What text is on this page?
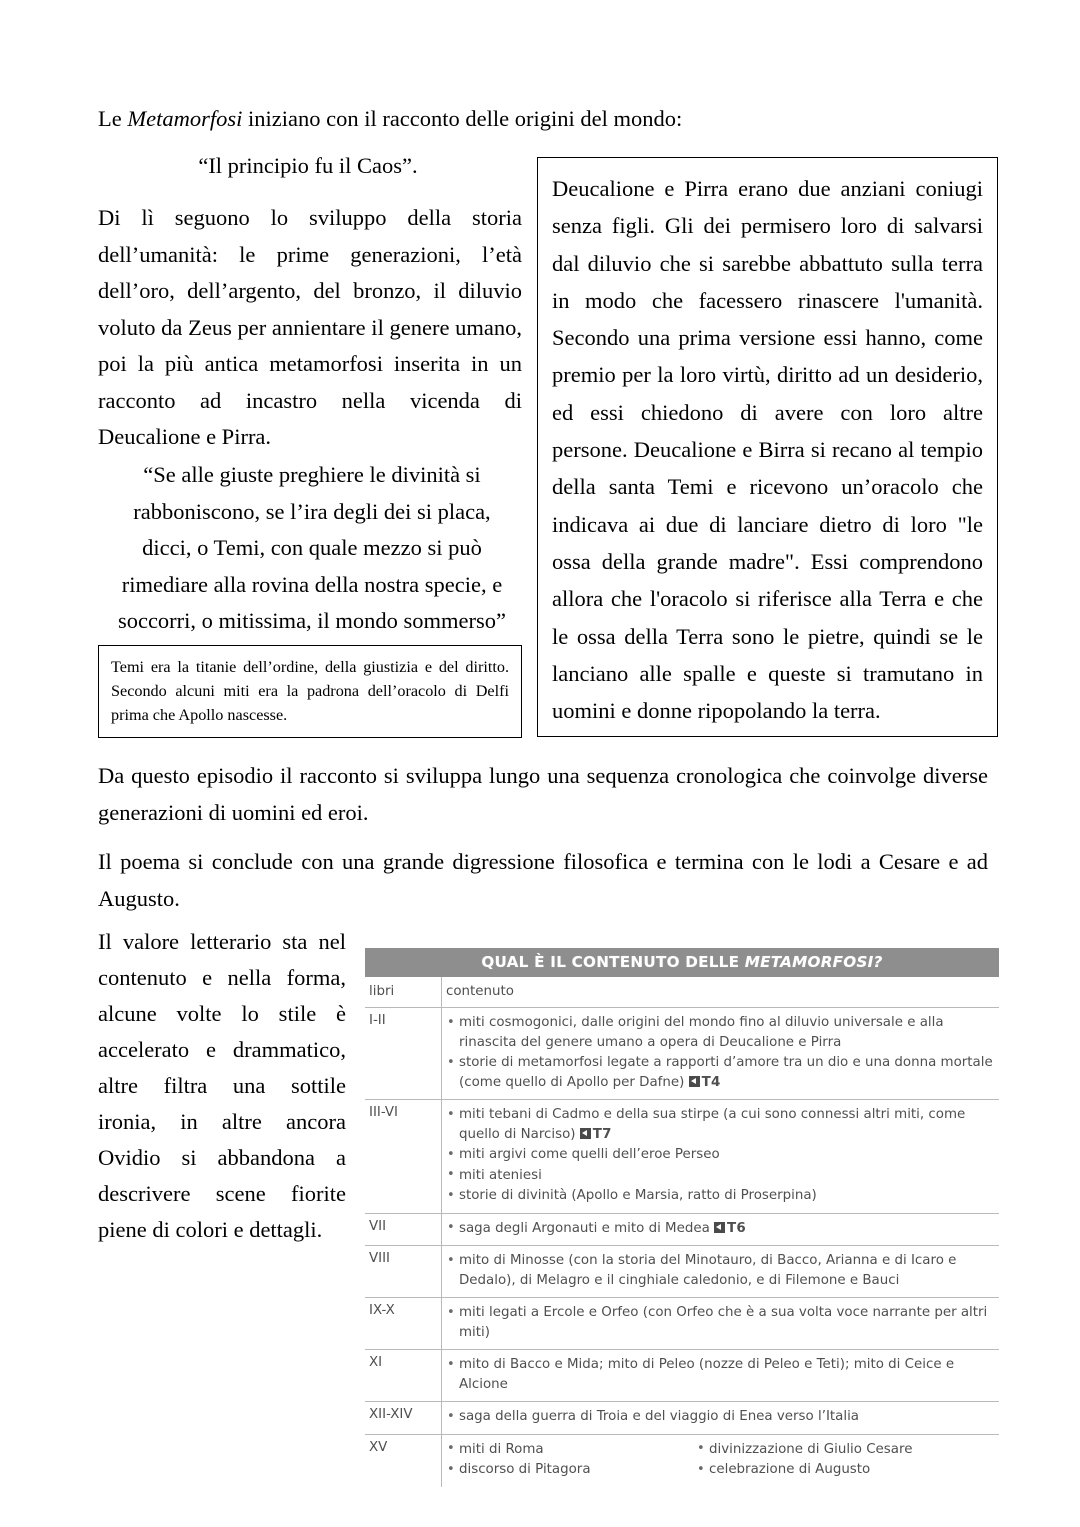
Le Metamorfosi iniziano con il racconto delle origini del mondo:
“Il principio fu il Caos”.
Di lì seguono lo sviluppo della storia dell’umanità: le prime generazioni, l’età dell’oro, dell’argento, del bronzo, il diluvio voluto da Zeus per annientare il genere umano, poi la più antica metamorfosi inserita in un racconto ad incastro nella vicenda di Deucalione e Pirra.
“Se alle giuste preghiere le divinità si
rabboniscono, se l’ira degli dei si placa,
dicci, o Temi, con quale mezzo si può
rimediare alla rovina della nostra specie, e
soccorri, o mitissima, il mondo sommerso”
Temi era la titanie dell’ordine, della giustizia e del diritto. Secondo alcuni miti era la padrona dell’oracolo di Delfi prima che Apollo nascesse.
Deucalione e Pirra erano due anziani coniugi senza figli. Gli dei permisero loro di salvarsi dal diluvio che si sarebbe abbattuto sulla terra in modo che facessero rinascere l'umanità. Secondo una prima versione essi hanno, come premio per la loro virtù, diritto ad un desiderio, ed essi chiedono di avere con loro altre persone. Deucalione e Birra si recano al tempio della santa Temi e ricevono un’oracolo che indicava ai due di lanciare dietro di loro "le ossa della grande madre". Essi comprendono allora che l'oracolo si riferisce alla Terra e che le ossa della Terra sono le pietre, quindi se le lanciano alle spalle e queste si tramutano in uomini e donne ripopolando la terra.
Da questo episodio il racconto si sviluppa lungo una sequenza cronologica che coinvolge diverse generazioni di uomini ed eroi.
Il poema si conclude con una grande digressione filosofica e termina con le lodi a Cesare e ad Augusto.
Il valore letterario sta nel contenuto e nella forma, alcune volte lo stile è accelerato e drammatico, altre filtra una sottile ironia, in altre ancora Ovidio si abbandona a descrivere scene fiorite piene di colori e dettagli.
QUAL È IL CONTENUTO DELLE METAMORFOSI?
libri	contenuto
I-II	
•miti cosmogonici, dalle origini del mondo fino al diluvio universale e alla rinascita del genere umano a opera di Deucalione e Pirra
• storie di metamorfosi legate a rapporti d’amore tra un dio e una donna mortale (come quello di Apollo per Dafne) T4

III-VI	
•miti tebani di Cadmo e della sua stirpe (a cui sono connessi altri miti, come quello di Narciso) T7
• miti argivi come quelli dell’eroe Perseo
• miti ateniesi
• storie di divinità (Apollo e Marsia, ratto di Proserpina)

VII	
•saga degli Argonauti e mito di Medea T6

VIII	
•mito di Minosse (con la storia del Minotauro, di Bacco, Arianna e di Icaro e Dedalo), di Melagro e il cinghiale caledonio, e di Filemone e Bauci

IX-X	
•miti legati a Ercole e Orfeo (con Orfeo che è a sua volta voce narrante per altri miti)

XI	
•mito di Bacco e Mida; mito di Peleo (nozze di Peleo e Teti); mito di Ceice e Alcione

XII-XIV	
•saga della guerra di Troia e del viaggio di Enea verso l’Italia

XV	
•miti di Roma
• discorso di Pitagora
• divinizzazione di Giulio Cesare
• celebrazione di Augusto
